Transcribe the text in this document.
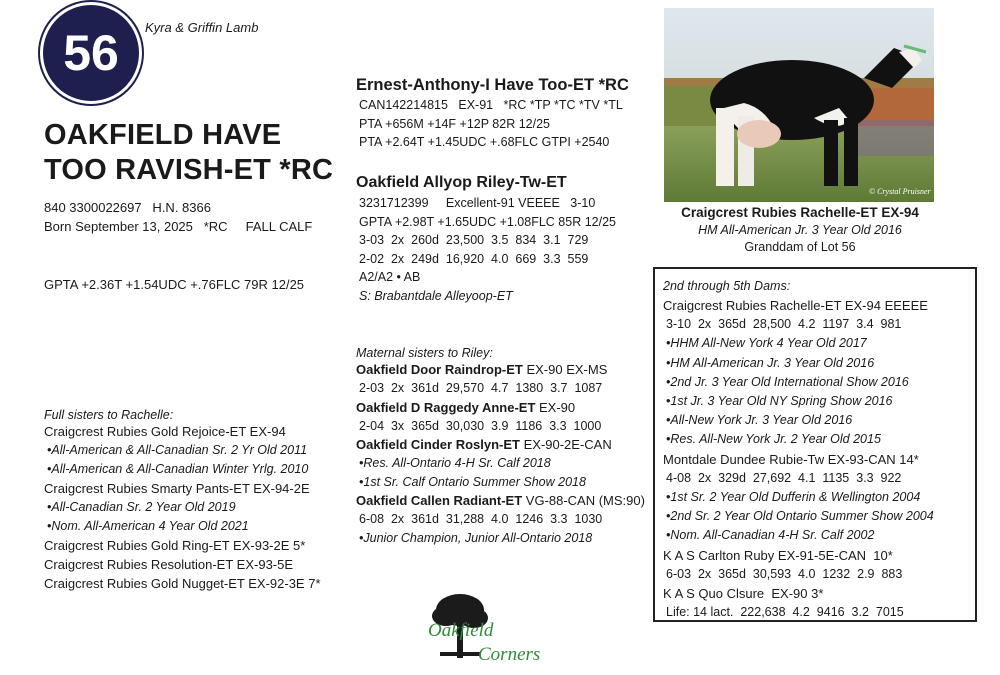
56 Kyra & Griffin Lamb
OAKFIELD HAVE
TOO RAVISH-ET *RC
840 3300022697   H.N. 8366
Born September 13, 2025   *RC     FALL CALF
GPTA +2.36T +1.54UDC +.76FLC 79R 12/25
Ernest-Anthony-I Have Too-ET *RC
CAN142214815   EX-91   *RC *TP *TC *TV *TL
PTA +656M +14F +12P 82R 12/25
PTA +2.64T +1.45UDC +.68FLC GTPI +2540
Oakfield Allyop Riley-Tw-ET
3231712399     Excellent-91 VEEEE   3-10
GPTA +2.98T +1.65UDC +1.08FLC 85R 12/25
3-03  2x  260d  23,500  3.5  834  3.1  729
2-02  2x  249d  16,920  4.0  669  3.3  559
A2/A2 • AB
S: Brabantdale Alleyoop-ET
Maternal sisters to Riley:
Oakfield Door Raindrop-ET EX-90 EX-MS
2-03  2x  361d  29,570  4.7  1380  3.7  1087
Oakfield D Raggedy Anne-ET EX-90
2-04  3x  365d  30,030  3.9  1186  3.3  1000
Oakfield Cinder Roslyn-ET EX-90-2E-CAN
•Res. All-Ontario 4-H Sr. Calf 2018
•1st Sr. Calf Ontario Summer Show 2018
Oakfield Callen Radiant-ET VG-88-CAN (MS:90)
6-08  2x  361d  31,288  4.0  1246  3.3  1030
•Junior Champion, Junior All-Ontario 2018
Full sisters to Rachelle:
Craigcrest Rubies Gold Rejoice-ET EX-94
•All-American & All-Canadian Sr. 2 Yr Old 2011
•All-American & All-Canadian Winter Yrlg. 2010
Craigcrest Rubies Smarty Pants-ET EX-94-2E
•All-Canadian Sr. 2 Year Old 2019
•Nom. All-American 4 Year Old 2021
Craigcrest Rubies Gold Ring-ET EX-93-2E 5*
Craigcrest Rubies Resolution-ET EX-93-5E
Craigcrest Rubies Gold Nugget-ET EX-92-3E 7*
© Crystal Pruisner
Craigcrest Rubies Rachelle-ET EX-94
HM All-American Jr. 3 Year Old 2016
Granddam of Lot 56
2nd through 5th Dams:
Craigcrest Rubies Rachelle-ET EX-94 EEEEE
3-10  2x  365d  28,500  4.2  1197  3.4  981
•HHM All-New York 4 Year Old 2017
•HM All-American Jr. 3 Year Old 2016
•2nd Jr. 3 Year Old International Show 2016
•1st Jr. 3 Year Old NY Spring Show 2016
•All-New York Jr. 3 Year Old 2016
•Res. All-New York Jr. 2 Year Old 2015
Montdale Dundee Rubie-Tw EX-93-CAN 14*
4-08  2x  329d  27,692  4.1  1135  3.3  922
•1st Sr. 2 Year Old Dufferin & Wellington 2004
•2nd Sr. 2 Year Old Ontario Summer Show 2004
•Nom. All-Canadian 4-H Sr. Calf 2002
K A S Carlton Ruby EX-91-5E-CAN  10*
6-03  2x  365d  30,593  4.0  1232  2.9  883
K A S Quo Clsure  EX-90 3*
Life: 14 lact.  222,638  4.2  9416  3.2  7015
Oakfield
Corners
